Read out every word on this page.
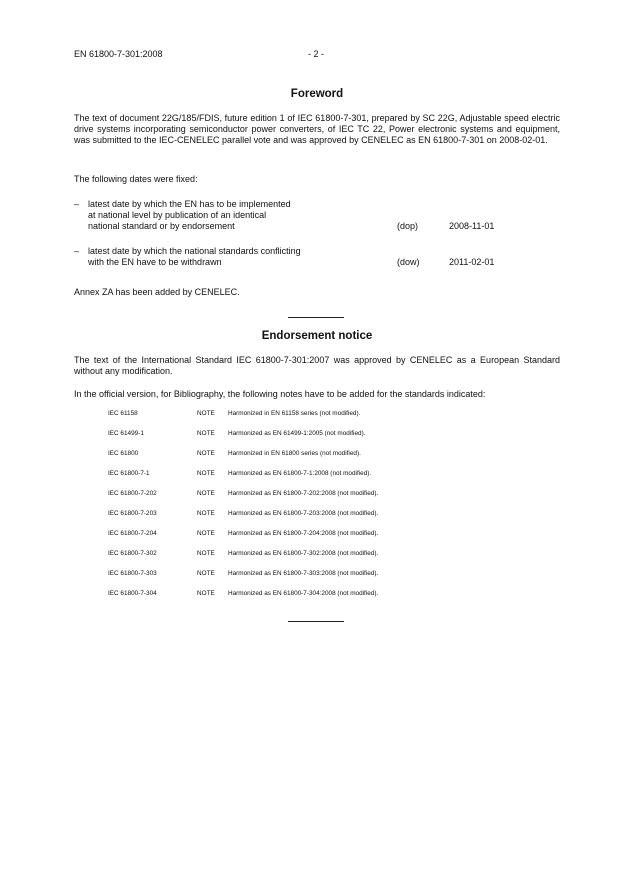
EN 61800-7-301:2008	- 2 -
Foreword

The text of document 22G/185/FDIS, future edition 1 of IEC 61800-7-301, prepared by SC 22G, Adjustable speed electric drive systems incorporating semiconductor power converters, of IEC TC 22, Power electronic systems and equipment, was submitted to the IEC-CENELEC parallel vote and was approved by CENELEC as EN 61800-7-301 on 2008-02-01.

The following dates were fixed:

– latest date by which the EN has to be implemented
at national level by publication of an identical
national standard or by endorsement	(dop)	2008-11-01
– latest date by which the national standards conflicting
with the EN have to be withdrawn	(dow)	2011-02-01

Annex ZA has been added by CENELEC.

Endorsement notice

The text of the International Standard IEC 61800-7-301:2007 was approved by CENELEC as a European Standard without any modification.

In the official version, for Bibliography, the following notes have to be added for the standards indicated:

IEC 61158	NOTE Harmonized in EN 61158 series (not modified).
IEC 61499-1	NOTE Harmonized as EN 61499-1:2005 (not modified).
IEC 61800	NOTE Harmonized in EN 61800 series (not modified).
IEC 61800-7-1	NOTE Harmonized as EN 61800-7-1:2008 (not modified).
IEC 61800-7-202	NOTE Harmonized as EN 61800-7-202:2008 (not modified).
IEC 61800-7-203	NOTE Harmonized as EN 61800-7-203:2008 (not modified).
IEC 61800-7-204	NOTE Harmonized as EN 61800-7-204:2008 (not modified).
IEC 61800-7-302	NOTE Harmonized as EN 61800-7-302:2008 (not modified).
IEC 61800-7-303	NOTE Harmonized as EN 61800-7-303:2008 (not modified).
IEC 61800-7-304	NOTE Harmonized as EN 61800-7-304:2008 (not modified).
